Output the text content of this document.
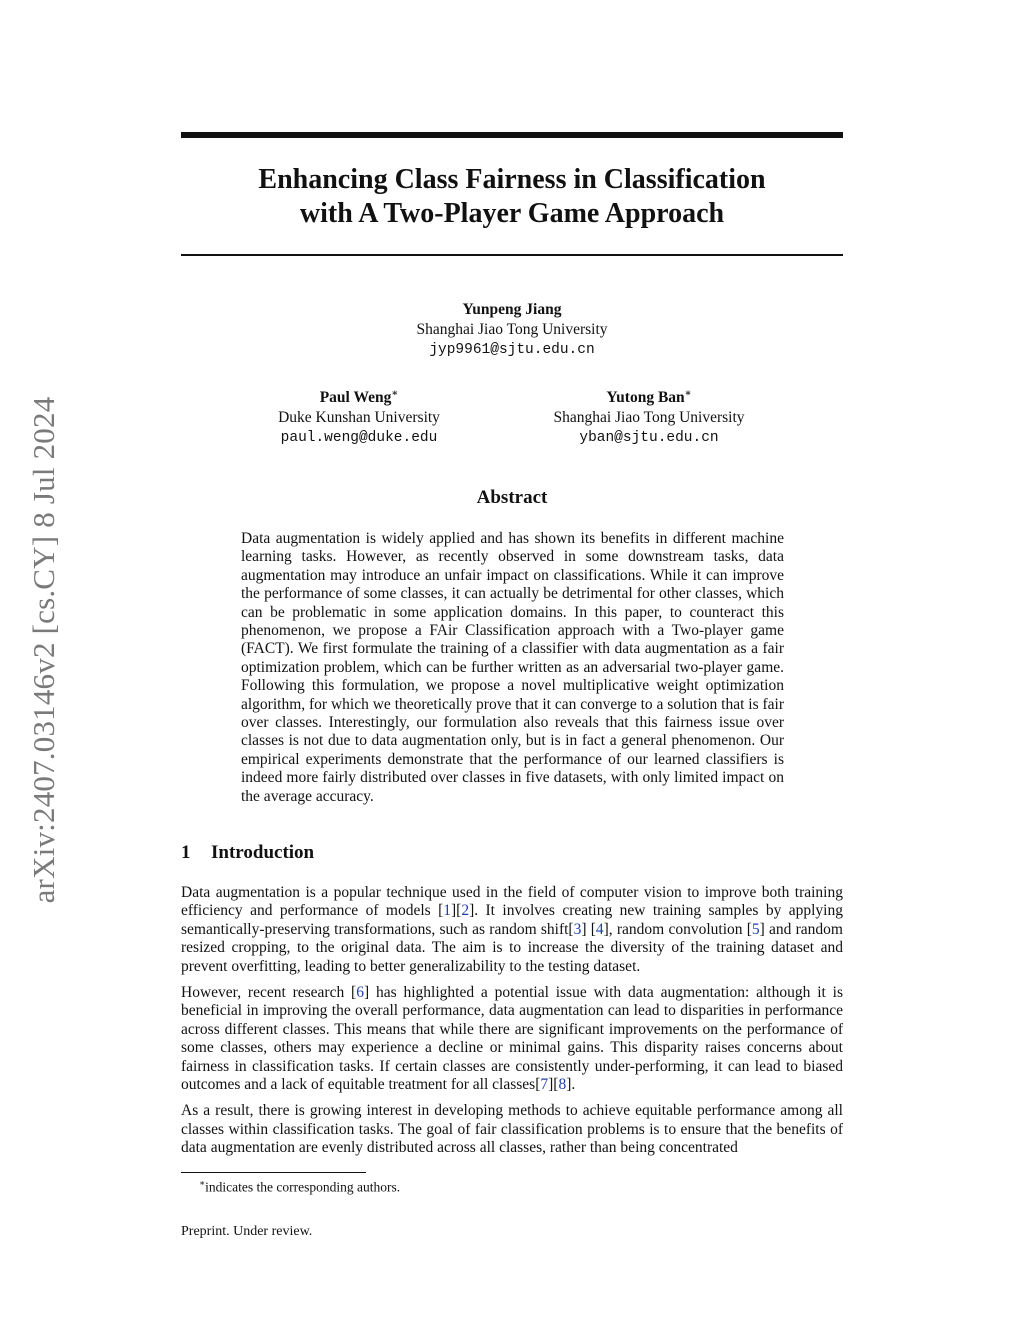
arXiv:2407.03146v2 [cs.CY] 8 Jul 2024
Enhancing Class Fairness in Classification
with A Two-Player Game Approach
Yunpeng Jiang
Shanghai Jiao Tong University
jyp9961@sjtu.edu.cn
Paul Weng∗
Duke Kunshan University
paul.weng@duke.edu
Yutong Ban∗
Shanghai Jiao Tong University
yban@sjtu.edu.cn
Abstract
Data augmentation is widely applied and has shown its benefits in different machine learning tasks. However, as recently observed in some downstream tasks, data augmentation may introduce an unfair impact on classifications. While it can improve the performance of some classes, it can actually be detrimental for other classes, which can be problematic in some application domains. In this paper, to counteract this phenomenon, we propose a FAir Classification approach with a Two-player game (FACT). We first formulate the training of a classifier with data augmentation as a fair optimization problem, which can be further written as an adversarial two-player game. Following this formulation, we propose a novel multiplicative weight optimization algorithm, for which we theoretically prove that it can converge to a solution that is fair over classes. Interestingly, our formulation also reveals that this fairness issue over classes is not due to data augmentation only, but is in fact a general phenomenon. Our empirical experiments demonstrate that the performance of our learned classifiers is indeed more fairly distributed over classes in five datasets, with only limited impact on the average accuracy.
1 Introduction

Data augmentation is a popular technique used in the field of computer vision to improve both training efficiency and performance of models [1][2]. It involves creating new training samples by applying semantically-preserving transformations, such as random shift[3] [4], random convolution [5] and random resized cropping, to the original data. The aim is to increase the diversity of the training dataset and prevent overfitting, leading to better generalizability to the testing dataset.

However, recent research [6] has highlighted a potential issue with data augmentation: although it is beneficial in improving the overall performance, data augmentation can lead to disparities in performance across different classes. This means that while there are significant improvements on the performance of some classes, others may experience a decline or minimal gains. This disparity raises concerns about fairness in classification tasks. If certain classes are consistently under-performing, it can lead to biased outcomes and a lack of equitable treatment for all classes[7][8].

As a result, there is growing interest in developing methods to achieve equitable performance among all classes within classification tasks. The goal of fair classification problems is to ensure that the benefits of data augmentation are evenly distributed across all classes, rather than being concentrated

∗indicates the corresponding authors.
Preprint. Under review.
